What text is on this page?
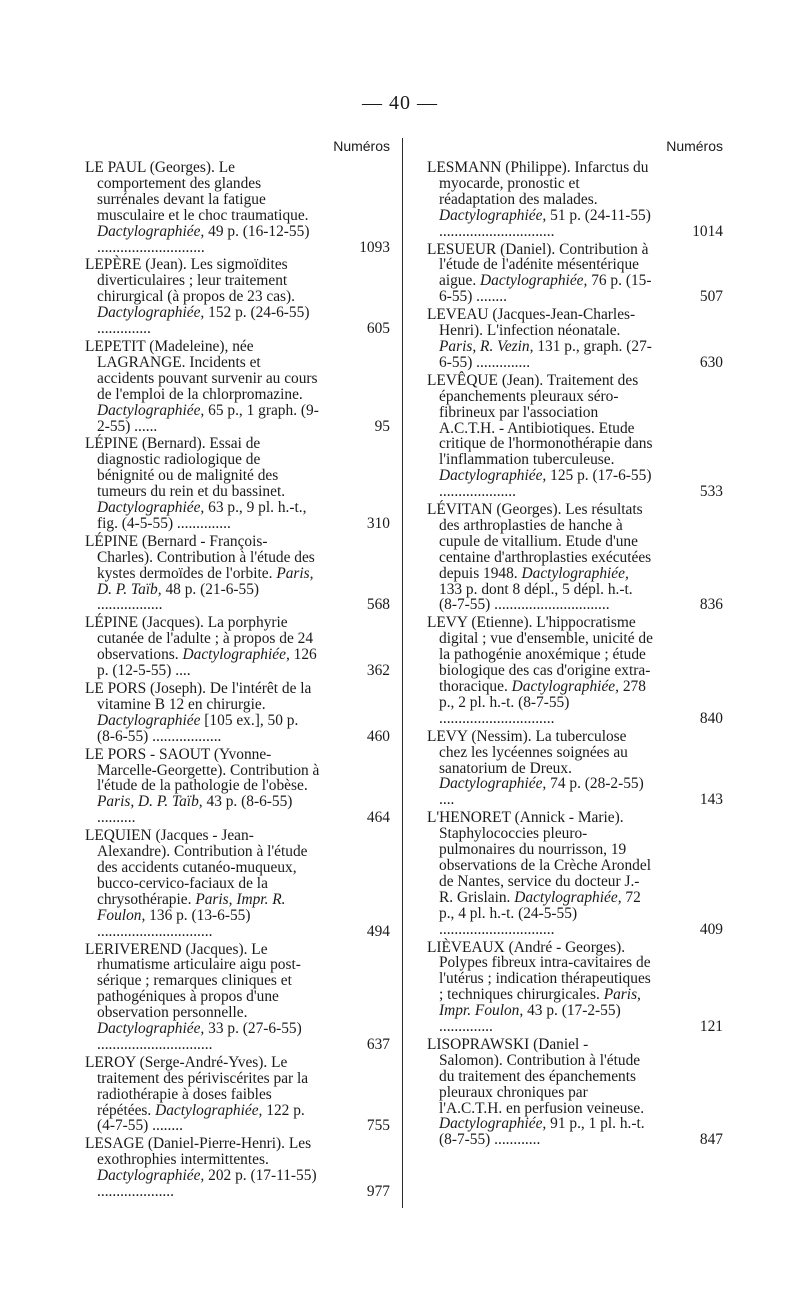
— 40 —
Numéros
LE PAUL (Georges). Le comportement des glandes surrénales devant la fatigue musculaire et le choc traumatique. Dactylographiée, 49 p. (16-12-55) ............................	1093
LEPÈRE (Jean). Les sigmoïdites diverticulaires ; leur traitement chirurgical (à propos de 23 cas). Dactylographiée, 152 p. (24-6-55) ..............	605
LEPETIT (Madeleine), née LAGRANGE. Incidents et accidents pouvant survenir au cours de l'emploi de la chlorpromazine. Dactylographiée, 65 p., 1 graph. (9-2-55) ......	95
LÉPINE (Bernard). Essai de diagnostic radiologique de bénignité ou de malignité des tumeurs du rein et du bassinet. Dactylographiée, 63 p., 9 pl. h.-t., fig. (4-5-55) ..............	310
LÉPINE (Bernard - François-Charles). Contribution à l'étude des kystes dermoïdes de l'orbite. Paris, D. P. Taïb, 48 p. (21-6-55) .................	568
LÉPINE (Jacques). La porphyrie cutanée de l'adulte ; à propos de 24 observations. Dactylographiée, 126 p. (12-5-55) ....	362
LE PORS (Joseph). De l'intérêt de la vitamine B 12 en chirurgie. Dactylographiée [105 ex.], 50 p. (8-6-55) ..................	460
LE PORS - SAOUT (Yvonne-Marcelle-Georgette). Contribution à l'étude de la pathologie de l'obèse. Paris, D. P. Taïb, 43 p. (8-6-55) ..........	464
LEQUIEN (Jacques - Jean-Alexandre). Contribution à l'étude des accidents cutanéo-muqueux, bucco-cervico-faciaux de la chrysothérapie. Paris, Impr. R. Foulon, 136 p. (13-6-55) ..............................	494
LERIVEREND (Jacques). Le rhumatisme articulaire aigu post-sérique ; remarques cliniques et pathogéniques à propos d'une observation personnelle. Dactylographiée, 33 p. (27-6-55) ..............................	637
LEROY (Serge-André-Yves). Le traitement des périviscérites par la radiothérapie à doses faibles répétées. Dactylographiée, 122 p. (4-7-55) ........	755
LESAGE (Daniel-Pierre-Henri). Les exothrophies intermittentes. Dactylographiée, 202 p. (17-11-55) ....................	977
Numéros
LESMANN (Philippe). Infarctus du myocarde, pronostic et réadaptation des malades. Dactylographiée, 51 p. (24-11-55) ..............................	1014
LESUEUR (Daniel). Contribution à l'étude de l'adénite mésentérique aigue. Dactylographiée, 76 p. (15-6-55) ........	507
LEVEAU (Jacques-Jean-Charles-Henri). L'infection néonatale. Paris, R. Vezin, 131 p., graph. (27-6-55) ..............	630
LEVÊQUE (Jean). Traitement des épanchements pleuraux séro-fibrineux par l'association A.C.T.H. - Antibiotiques. Etude critique de l'hormonothérapie dans l'inflammation tuberculeuse. Dactylographiée, 125 p. (17-6-55) ....................	533
LÉVITAN (Georges). Les résultats des arthroplasties de hanche à cupule de vitallium. Etude d'une centaine d'arthroplasties exécutées depuis 1948. Dactylographiée, 133 p. dont 8 dépl., 5 dépl. h.-t. (8-7-55) ..............................	836
LEVY (Etienne). L'hippocratisme digital ; vue d'ensemble, unicité de la pathogénie anoxémique ; étude biologique des cas d'origine extra-thoracique. Dactylographiée, 278 p., 2 pl. h.-t. (8-7-55) ..............................	840
LEVY (Nessim). La tuberculose chez les lycéennes soignées au sanatorium de Dreux. Dactylographiée, 74 p. (28-2-55) ....	143
L'HENORET (Annick - Marie). Staphylococcies pleuro-pulmonaires du nourrisson, 19 observations de la Crèche Arondel de Nantes, service du docteur J.-R. Grislain. Dactylographiée, 72 p., 4 pl. h.-t. (24-5-55) ..............................	409
LIÈVEAUX (André - Georges). Polypes fibreux intra-cavitaires de l'utérus ; indication thérapeutiques ; techniques chirurgicales. Paris, Impr. Foulon, 43 p. (17-2-55) ..............	121
LISOPRAWSKI (Daniel - Salomon). Contribution à l'étude du traitement des épanchements pleuraux chroniques par l'A.C.T.H. en perfusion veineuse. Dactylographiée, 91 p., 1 pl. h.-t. (8-7-55) ............	847
